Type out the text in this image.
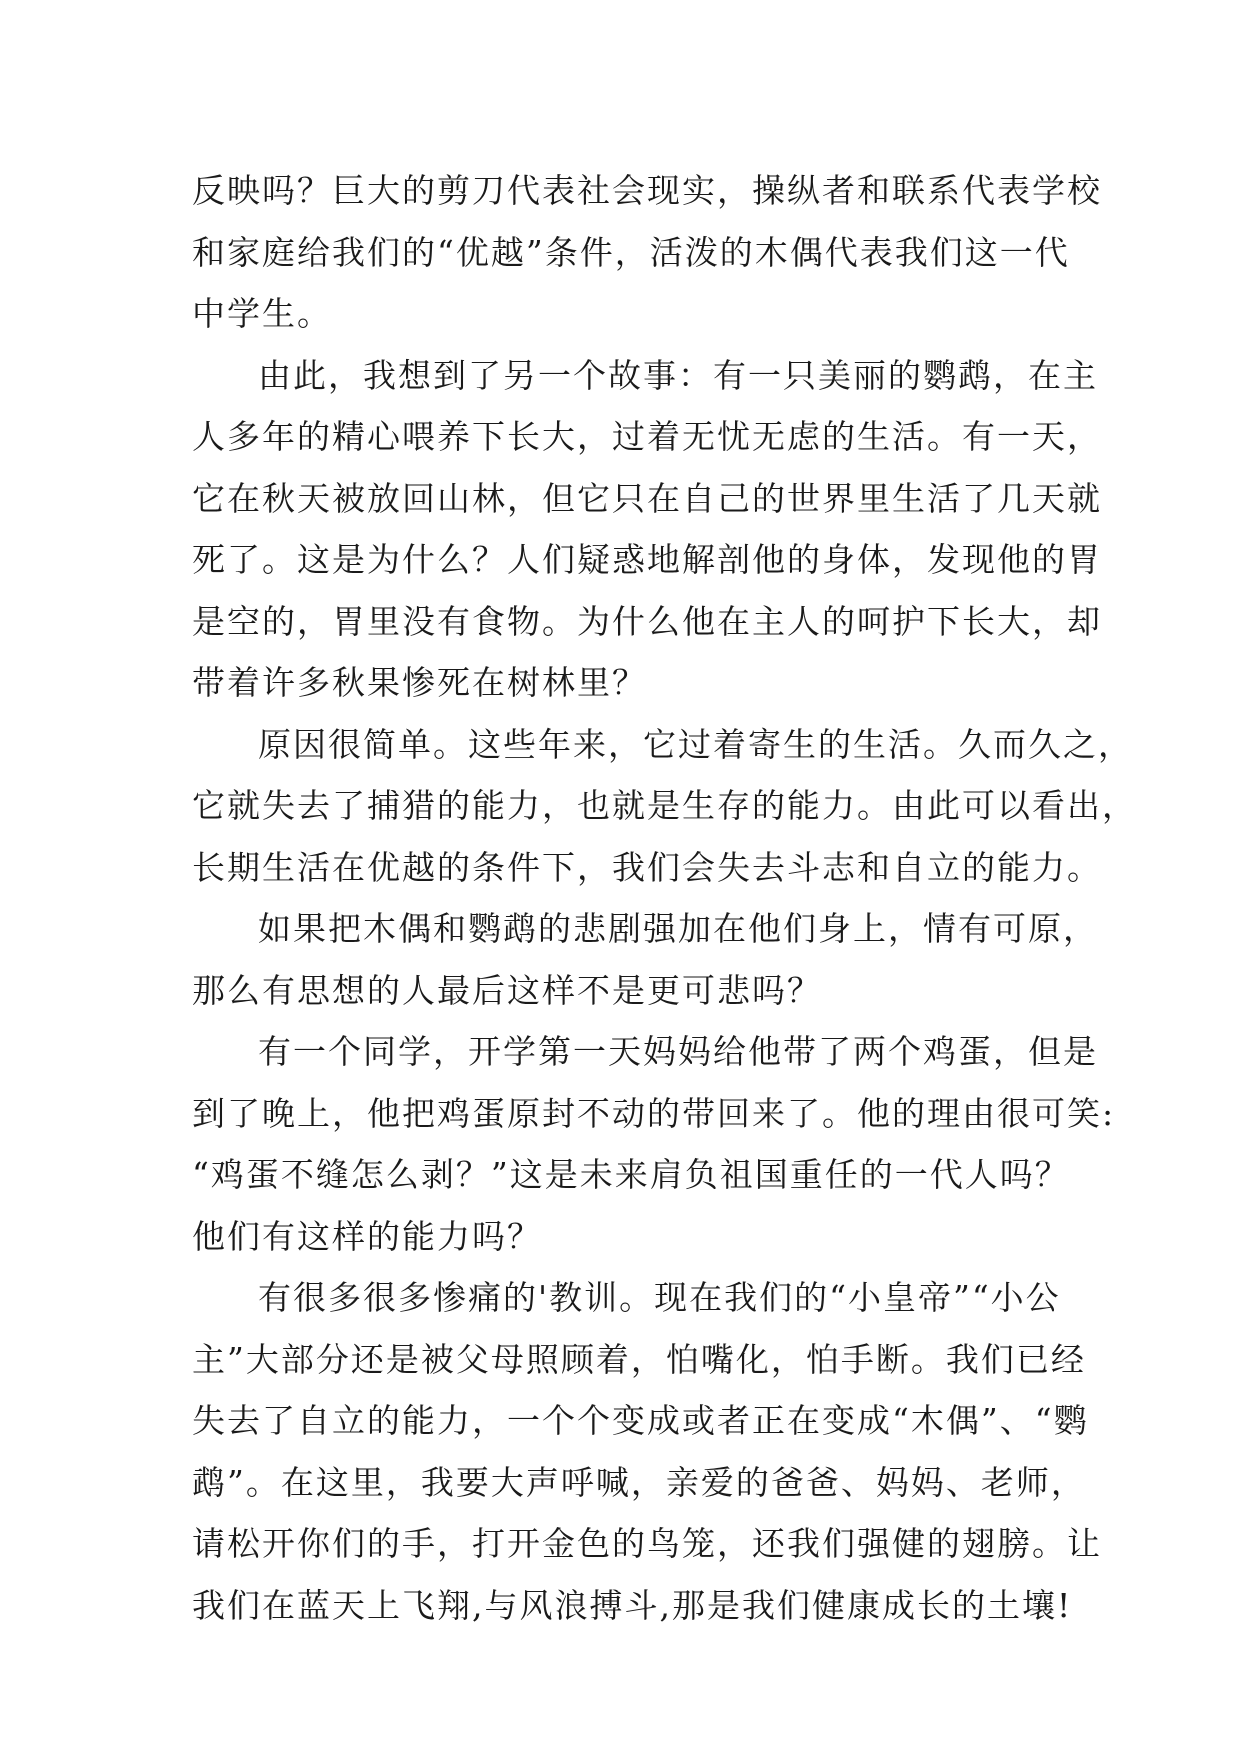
反映吗？巨大的剪刀代表社会现实，操纵者和联系代表学校
和家庭给我们的“优越”条件，活泼的木偶代表我们这一代
中学生。
由此，我想到了另一个故事：有一只美丽的鹦鹉，在主
人多年的精心喂养下长大，过着无忧无虑的生活。有一天，
它在秋天被放回山林，但它只在自己的世界里生活了几天就
死了。这是为什么？人们疑惑地解剖他的身体，发现他的胃
是空的，胃里没有食物。为什么他在主人的呵护下长大，却
带着许多秋果惨死在树林里？
原因很简单。这些年来，它过着寄生的生活。久而久之，
它就失去了捕猎的能力，也就是生存的能力。由此可以看出，
长期生活在优越的条件下，我们会失去斗志和自立的能力。
如果把木偶和鹦鹉的悲剧强加在他们身上，情有可原，
那么有思想的人最后这样不是更可悲吗？
有一个同学，开学第一天妈妈给他带了两个鸡蛋，但是
到了晚上，他把鸡蛋原封不动的带回来了。他的理由很可笑:
“鸡蛋不缝怎么剥？”这是未来肩负祖国重任的一代人吗？
他们有这样的能力吗？
有很多很多惨痛的'教训。现在我们的“小皇帝”“小公
主”大部分还是被父母照顾着，怕嘴化，怕手断。我们已经
失去了自立的能力，一个个变成或者正在变成“木偶”、“鹦
鹉”。在这里，我要大声呼喊，亲爱的爸爸、妈妈、老师，
请松开你们的手，打开金色的鸟笼，还我们强健的翅膀。让
我们在蓝天上飞翔,与风浪搏斗,那是我们健康成长的土壤!
